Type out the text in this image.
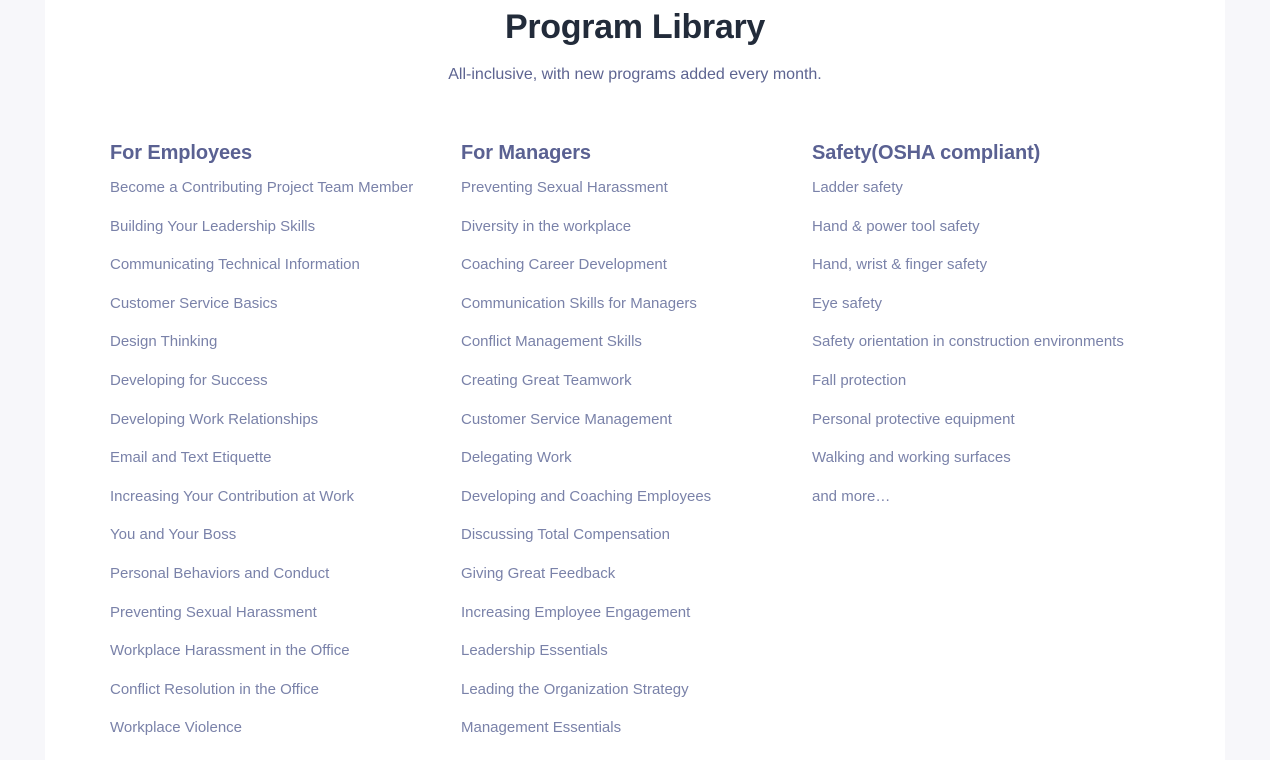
Program Library

All-inclusive, with new programs added every month.

For Employees
Become a Contributing Project Team Member
Building Your Leadership Skills
Communicating Technical Information
Customer Service Basics
Design Thinking
Developing for Success
Developing Work Relationships
Email and Text Etiquette
Increasing Your Contribution at Work
You and Your Boss
Personal Behaviors and Conduct
Preventing Sexual Harassment
Workplace Harassment in the Office
Conflict Resolution in the Office
Workplace Violence
For Managers
Preventing Sexual Harassment
Diversity in the workplace
Coaching Career Development
Communication Skills for Managers
Conflict Management Skills
Creating Great Teamwork
Customer Service Management
Delegating Work
Developing and Coaching Employees
Discussing Total Compensation
Giving Great Feedback
Increasing Employee Engagement
Leadership Essentials
Leading the Organization Strategy
Management Essentials
Safety(OSHA compliant)
Ladder safety
Hand & power tool safety
Hand, wrist & finger safety
Eye safety
Safety orientation in construction environments
Fall protection
Personal protective equipment
Walking and working surfaces
and more…
